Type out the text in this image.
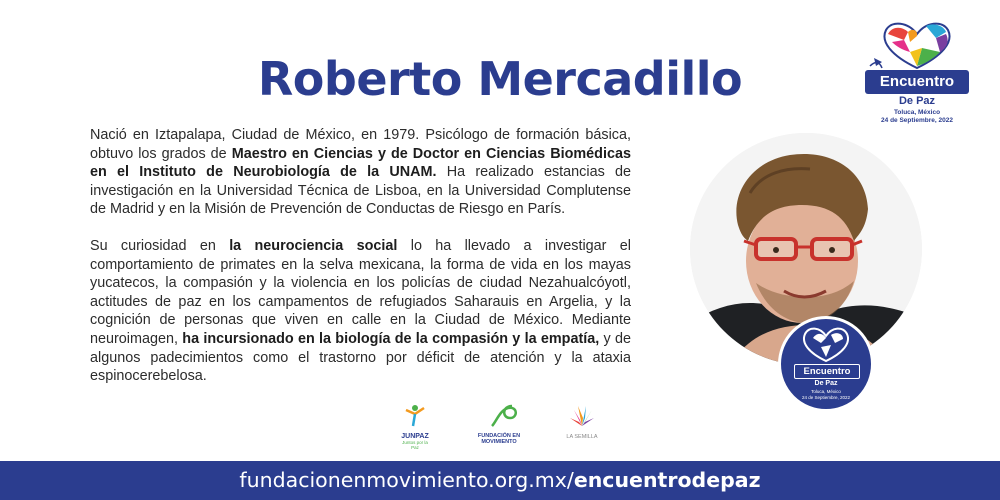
Roberto Mercadillo	Encuentro
De Paz
Toluca, México
24 de Septiembre, 2022

Nació en Iztapalapa, Ciudad de México, en 1979. Psicólogo de formación básica, obtuvo los grados de Maestro en Ciencias y de Doctor en Ciencias Biomédicas en el Instituto de Neurobiología de la UNAM. Ha realizado estancias de investigación en la Universidad Técnica de Lisboa, en la Universidad Complutense de Madrid y en la Misión de Prevención de Conductas de Riesgo en París.

Su curiosidad en la neurociencia social lo ha llevado a investigar el comportamiento de primates en la selva mexicana, la forma de vida en los mayas yucatecos, la compasión y la violencia en los policías de ciudad Nezahualcóyotl, actitudes de paz en los campamentos de refugiados Saharauis en Argelia, y la cognición de personas que viven en calle en la Ciudad de México. Mediante neuroimagen, ha incursionado en la biología de la compasión y la empatía, y de algunos padecimientos como el trastorno por déficit de atención y la ataxia espinocerebelosa.	Encuentro
De Paz
Toluca, México
24 de Septiembre, 2022
JUNPAZ
Juntos por la Paz
FUNDACIÓN EN MOVIMIENTO
LA SEMILLA
fundacionenmovimiento.org.mx/encuentrodepaz
